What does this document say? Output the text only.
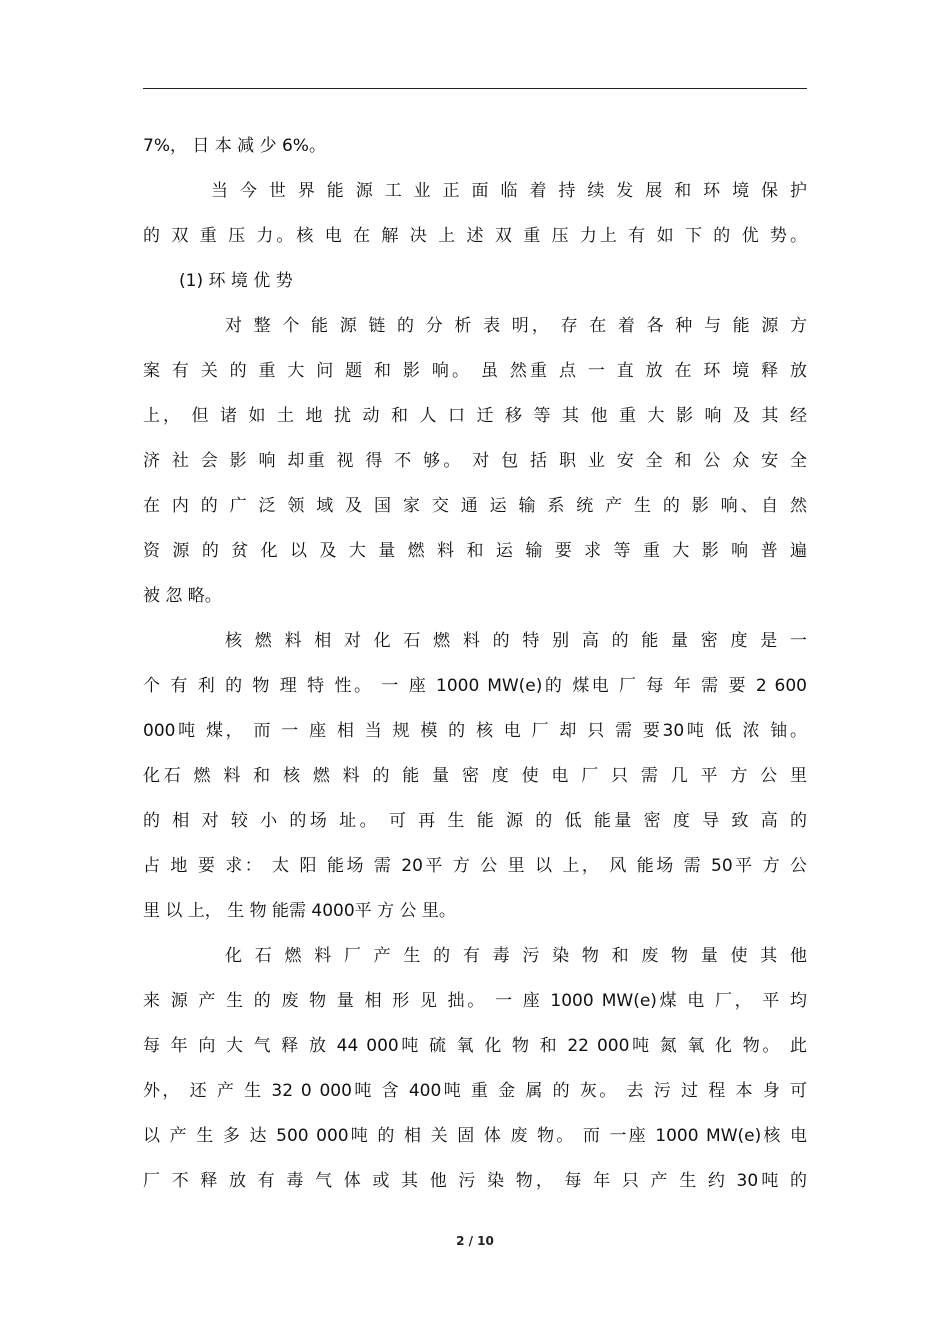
7%， 日 本 减 少 6%。
当 今 世 界 能 源 工 业 正 面 临 着 持 续 发 展 和 环 境 保 护
的 双 重 压 力。核 电 在 解 决 上 述 双 重 压 力上 有 如 下 的 优 势。
(1) 环 境 优 势
对 整 个 能 源 链 的 分 析 表 明， 存 在 着 各 种 与 能 源 方
案 有 关 的 重 大 问 题 和 影 响。 虽 然重 点 一 直 放 在 环 境 释 放
上， 但 诸 如 土 地 扰 动 和 人 口 迁 移 等 其 他 重 大 影 响 及 其 经
济 社 会 影 响 却重 视 得 不 够。 对 包 括 职 业 安 全 和 公 众 安 全
在 内 的 广 泛 领 域 及 国 家 交 通 运 输 系 统 产 生 的 影 响、自 然
资 源 的 贫 化 以 及 大 量 燃 料 和 运 输 要 求 等 重 大 影 响 普 遍
被 忽 略。
核 燃 料 相 对 化 石 燃 料 的 特 别 高 的 能 量 密 度 是 一
个 有 利 的 物 理 特 性。 一 座 1000 MW(e)的 煤电 厂 每 年 需 要 2 600
000吨 煤， 而 一 座 相 当 规 模 的 核 电 厂 却 只 需 要30吨 低 浓 铀。
化石 燃 料 和 核 燃 料 的 能 量 密 度 使 电 厂 只 需 几 平 方 公 里
的 相 对 较 小 的场 址。 可 再 生 能 源 的 低 能量 密 度 导 致 高 的
占 地 要 求： 太 阳 能场 需 20平 方 公 里 以 上， 风 能场 需 50平 方 公
里 以 上， 生 物 能需 4000平 方 公 里。
化 石 燃 料 厂 产 生 的 有 毒 污 染 物 和 废 物 量 使 其 他
来 源 产 生 的 废 物 量 相 形 见 拙。 一 座 1000 MW(e)煤 电 厂， 平 均
每 年 向 大 气 释 放 44 000吨 硫 氧 化 物 和 22 000吨 氮 氧 化 物。 此
外， 还 产 生 32 0 000吨 含 400吨 重 金 属 的 灰。 去 污 过 程 本 身 可
以 产 生 多 达 500 000吨 的 相 关 固 体 废 物。 而 一座 1000 MW(e)核 电
厂 不 释 放 有 毒 气 体 或 其 他 污 染 物， 每 年 只 产 生 约 30吨 的
2 / 10
